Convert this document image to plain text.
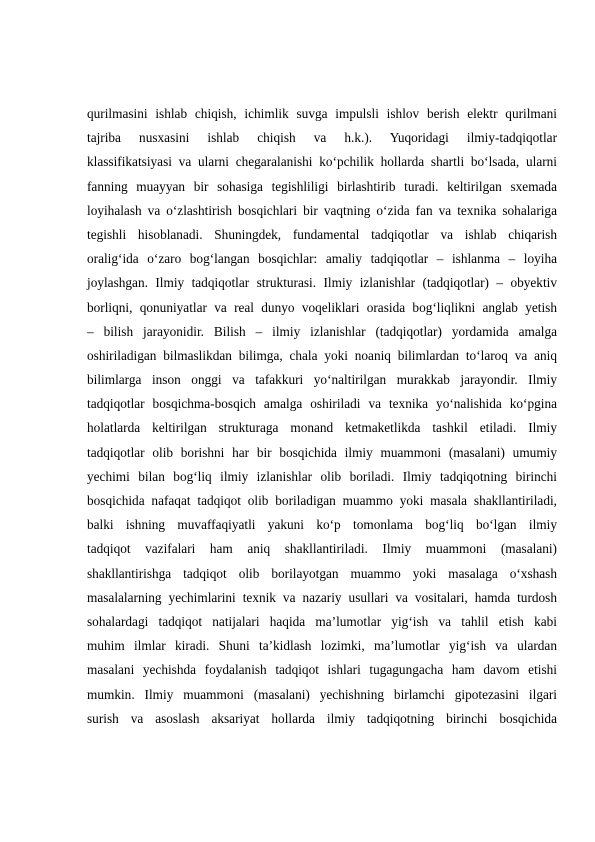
qurilmasini ishlab chiqish, ichimlik suvga impulsli ishlov berish elektr qurilmani
tajriba nusxasini ishlab chiqish va h.k.). Yuqoridagi ilmiy-tadqiqotlar
klassifikatsiyasi va ularni chegaralanishi ko‘pchilik hollarda shartli bo‘lsada, ularni
fanning muayyan bir sohasiga tegishliligi birlashtirib turadi. keltirilgan sxemada
loyihalash va o‘zlashtirish bosqichlari bir vaqtning o‘zida fan va texnika sohalariga
tegishli hisoblanadi. Shuningdek, fundamental tadqiqotlar va ishlab chiqarish
oralig‘ida o‘zaro bog‘langan bosqichlar: amaliy tadqiqotlar – ishlanma – loyiha
joylashgan. Ilmiy tadqiqotlar strukturasi. Ilmiy izlanishlar (tadqiqotlar) – obyektiv
borliqni, qonuniyatlar va real dunyo voqeliklari orasida bog‘liqlikni anglab yetish
– bilish jarayonidir. Bilish – ilmiy izlanishlar (tadqiqotlar) yordamida amalga
oshiriladigan bilmaslikdan bilimga, chala yoki noaniq bilimlardan to‘laroq va aniq
bilimlarga inson onggi va tafakkuri yo‘naltirilgan murakkab jarayondir. Ilmiy
tadqiqotlar bosqichma-bosqich amalga oshiriladi va texnika yo‘nalishida ko‘pgina
holatlarda keltirilgan strukturaga monand ketmaketlikda tashkil etiladi. Ilmiy
tadqiqotlar olib borishni har bir bosqichida ilmiy muammoni (masalani) umumiy
yechimi bilan bog‘liq ilmiy izlanishlar olib boriladi. Ilmiy tadqiqotning birinchi
bosqichida nafaqat tadqiqot olib boriladigan muammo yoki masala shakllantiriladi,
balki ishning muvaffaqiyatli yakuni ko‘p tomonlama bog‘liq bo‘lgan ilmiy
tadqiqot vazifalari ham aniq shakllantiriladi. Ilmiy muammoni (masalani)
shakllantirishga tadqiqot olib borilayotgan muammo yoki masalaga o‘xshash
masalalarning yechimlarini texnik va nazariy usullari va vositalari, hamda turdosh
sohalardagi tadqiqot natijalari haqida ma’lumotlar yig‘ish va tahlil etish kabi
muhim ilmlar kiradi. Shuni ta’kidlash lozimki, ma’lumotlar yig‘ish va ulardan
masalani yechishda foydalanish tadqiqot ishlari tugagungacha ham davom etishi
mumkin. Ilmiy muammoni (masalani) yechishning birlamchi gipotezasini ilgari
surish va asoslash aksariyat hollarda ilmiy tadqiqotning birinchi bosqichida
